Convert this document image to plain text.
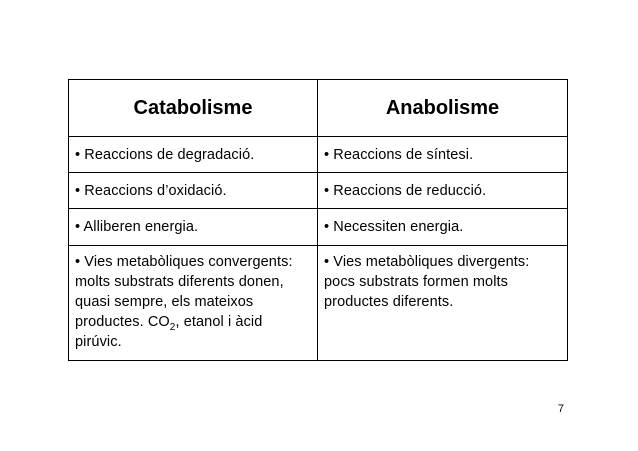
Catabolisme	Anabolisme

• Reaccions de degradació.	• Reaccions de síntesi.

• Reaccions d’oxidació.	• Reaccions de reducció.

• Alliberen energia.	• Necessiten energia.

• Vies metabòliques convergents:
molts substrats diferents donen,
quasi sempre, els mateixos
productes. $CO_2$, etanol i àcid
pirúvic.	• Vies metabòliques divergents:
pocs substrats formen molts
productes diferents.
7
